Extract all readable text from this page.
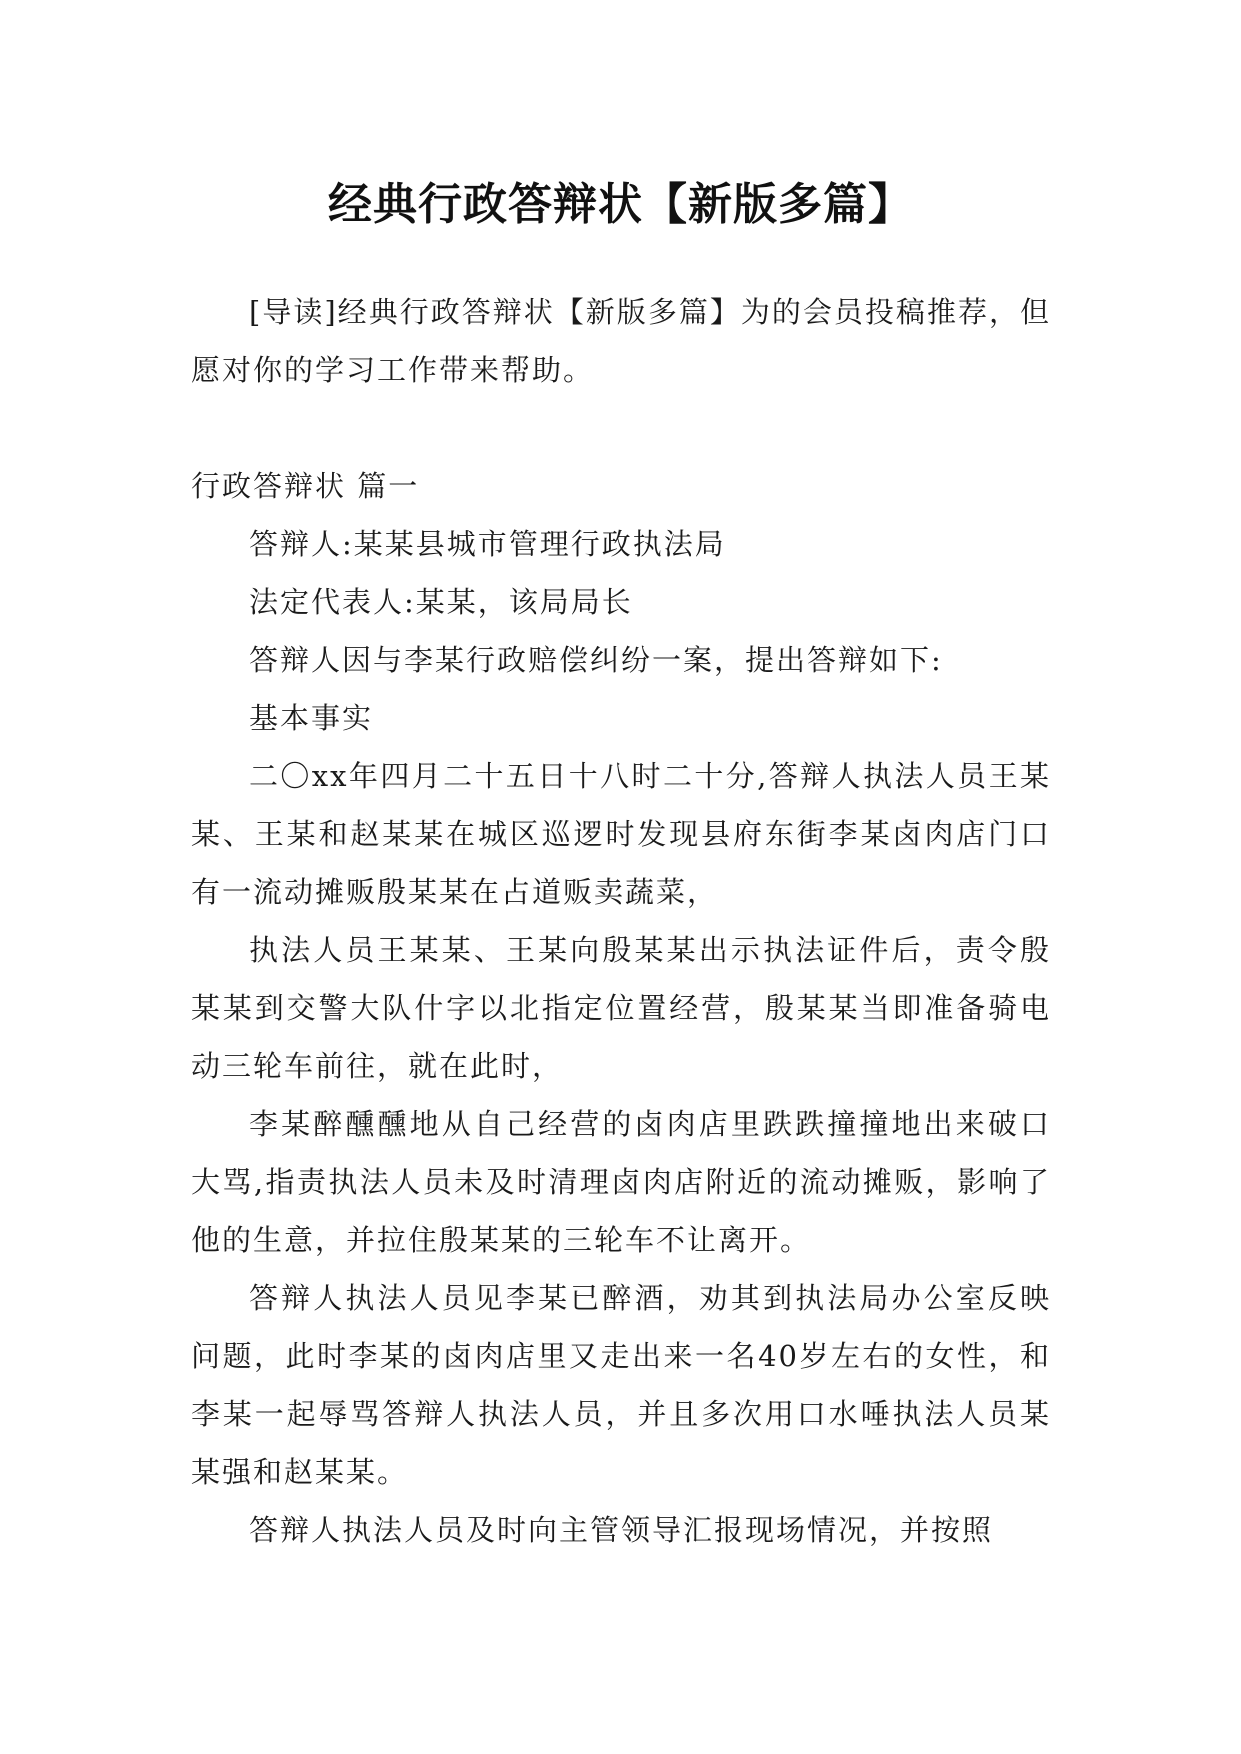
经典行政答辩状【新版多篇】

[导读]经典行政答辩状【新版多篇】为的会员投稿推荐，但愿对你的学习工作带来帮助。

行政答辩状 篇一

答辩人:某某县城市管理行政执法局

法定代表人:某某，该局局长

答辩人因与李某行政赔偿纠纷一案，提出答辩如下:

基本事实

二〇xx年四月二十五日十八时二十分,答辩人执法人员王某某、王某和赵某某在城区巡逻时发现县府东街李某卤肉店门口有一流动摊贩殷某某在占道贩卖蔬菜，

执法人员王某某、王某向殷某某出示执法证件后，责令殷某某到交警大队什字以北指定位置经营，殷某某当即准备骑电动三轮车前往，就在此时，

李某醉醺醺地从自己经营的卤肉店里跌跌撞撞地出来破口大骂,指责执法人员未及时清理卤肉店附近的流动摊贩，影响了他的生意，并拉住殷某某的三轮车不让离开。

答辩人执法人员见李某已醉酒，劝其到执法局办公室反映问题，此时李某的卤肉店里又走出来一名40岁左右的女性，和李某一起辱骂答辩人执法人员，并且多次用口水唾执法人员某某强和赵某某。

答辩人执法人员及时向主管领导汇报现场情况，并按照
